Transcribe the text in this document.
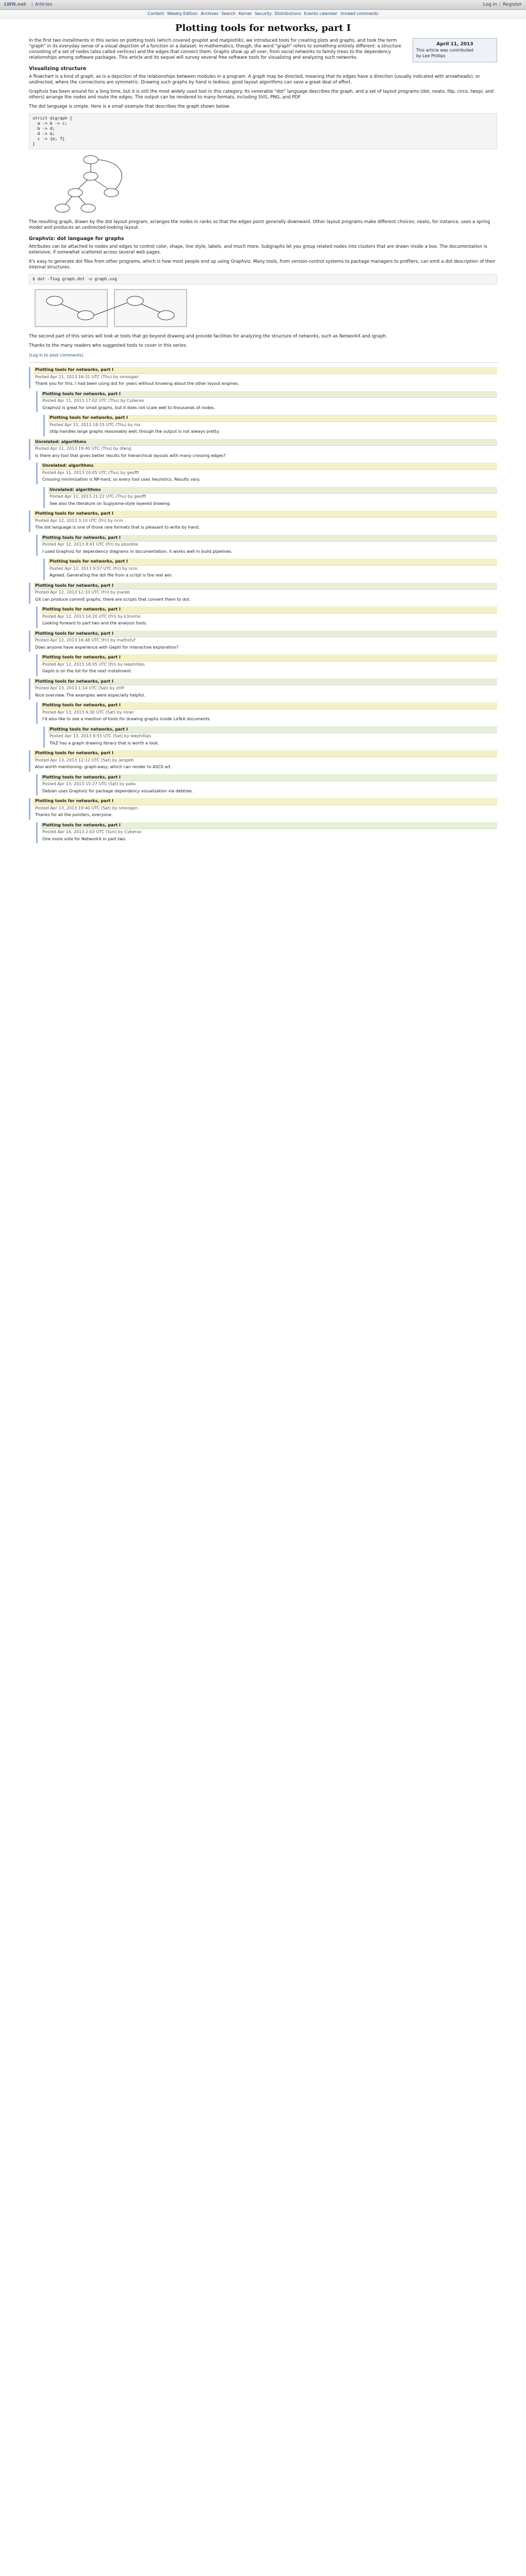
LWN.net | Articles	Log in | Register
Content Weekly Edition Archives Search Kernel Security Distributions Events calendar Unread comments
Plotting tools for networks, part I
April 11, 2013
This article was contributed
by Lee Phillips

In the first two installments in this series on plotting tools (which covered gnuplot and matplotlib), we introduced tools for creating plots and graphs, and took the term "graph" in its everyday sense of a visual depiction of a function or a dataset. In mathematics, though, the word "graph" refers to something entirely different: a structure consisting of a set of nodes (also called vertices) and the edges that connect them. Graphs show up all over, from social networks to family trees to the dependency relationships among software packages. This article and its sequel will survey several free software tools for visualizing and analyzing such networks.

Visualizing structure

A flowchart is a kind of graph, as is a depiction of the relationships between modules in a program. A graph may be directed, meaning that its edges have a direction (usually indicated with arrowheads), or undirected, where the connections are symmetric. Drawing such graphs by hand is tedious; good layout algorithms can save a great deal of effort.

Graphviz has been around for a long time, but it is still the most widely used tool in this category. Its venerable "dot" language describes the graph, and a set of layout programs (dot, neato, fdp, circo, twopi, and others) arrange the nodes and route the edges. The output can be rendered to many formats, including SVG, PNG, and PDF.

The dot language is simple. Here is a small example that describes the graph shown below:

strict digraph {
a -> b -> c;
b -> d;
d -> a;
c -> {e; f}
}

The resulting graph, drawn by the dot layout program, arranges the nodes in ranks so that the edges point generally downward. Other layout programs make different choices; neato, for instance, uses a spring model and produces an undirected-looking layout.

Graphviz: dot language for graphs

Attributes can be attached to nodes and edges to control color, shape, line style, labels, and much more. Subgraphs let you group related nodes into clusters that are drawn inside a box. The documentation is extensive, if somewhat scattered across several web pages.

It's easy to generate dot files from other programs, which is how most people end up using Graphviz. Many tools, from version-control systems to package managers to profilers, can emit a dot description of their internal structures.

$ dot -Tsvg graph.dot -o graph.svg

The second part of this series will look at tools that go beyond drawing and provide facilities for analyzing the structure of networks, such as NetworkX and igraph.

Thanks to the many readers who suggested tools to cover in this series.

(Log in to post comments)
Plotting tools for networks, part I
Posted Apr 11, 2013 16:31 UTC (Thu) by smoogen
Thank you for this. I had been using dot for years without knowing about the other layout engines.
Plotting tools for networks, part I
Posted Apr 11, 2013 17:02 UTC (Thu) by Cyberax
Graphviz is great for small graphs, but it does not scale well to thousands of nodes.
Plotting tools for networks, part I
Posted Apr 11, 2013 18:15 UTC (Thu) by nix
sfdp handles large graphs reasonably well, though the output is not always pretty.
Unrelated: algorithms
Posted Apr 11, 2013 19:40 UTC (Thu) by dlang
Is there any tool that gives better results for hierarchical layouts with many crossing edges?
Unrelated: algorithms
Posted Apr 11, 2013 20:05 UTC (Thu) by geofft
Crossing minimization is NP-hard, so every tool uses heuristics. Results vary.
Unrelated: algorithms
Posted Apr 11, 2013 21:22 UTC (Thu) by geofft
See also the literature on Sugiyama-style layered drawing.
Plotting tools for networks, part I
Posted Apr 12, 2013 3:10 UTC (Fri) by ncm
The dot language is one of those rare formats that is pleasant to write by hand.
Plotting tools for networks, part I
Posted Apr 12, 2013 8:41 UTC (Fri) by pboddie
I used Graphviz for dependency diagrams in documentation; it works well in build pipelines.
Plotting tools for networks, part I
Posted Apr 12, 2013 9:57 UTC (Fri) by ncm
Agreed. Generating the dot file from a script is the real win.
Plotting tools for networks, part I
Posted Apr 12, 2013 12:33 UTC (Fri) by jnareb
Git can produce commit graphs; there are scripts that convert them to dot.
Plotting tools for networks, part I
Posted Apr 12, 2013 14:20 UTC (Fri) by k3ninho
Looking forward to part two and the analysis tools.
Plotting tools for networks, part I
Posted Apr 12, 2013 16:48 UTC (Fri) by mathstuf
Does anyone have experience with Gephi for interactive exploration?
Plotting tools for networks, part I
Posted Apr 12, 2013 18:05 UTC (Fri) by leephillips
Gephi is on the list for the next installment.
Plotting tools for networks, part I
Posted Apr 13, 2013 1:14 UTC (Sat) by xtifr
Nice overview. The examples were especially helpful.
Plotting tools for networks, part I
Posted Apr 13, 2013 6:30 UTC (Sat) by niner
I'd also like to see a mention of tools for drawing graphs inside LaTeX documents.
Plotting tools for networks, part I
Posted Apr 13, 2013 8:55 UTC (Sat) by leephillips
TikZ has a graph drawing library that is worth a look.
Plotting tools for networks, part I
Posted Apr 13, 2013 12:12 UTC (Sat) by jengelh
Also worth mentioning: graph-easy, which can render to ASCII art.
Plotting tools for networks, part I
Posted Apr 13, 2013 15:27 UTC (Sat) by pabs
Debian uses Graphviz for package dependency visualization via debtree.
Plotting tools for networks, part I
Posted Apr 13, 2013 19:40 UTC (Sat) by smoogen
Thanks for all the pointers, everyone.
Plotting tools for networks, part I
Posted Apr 14, 2013 2:03 UTC (Sun) by Cyberax
One more vote for NetworkX in part two.
